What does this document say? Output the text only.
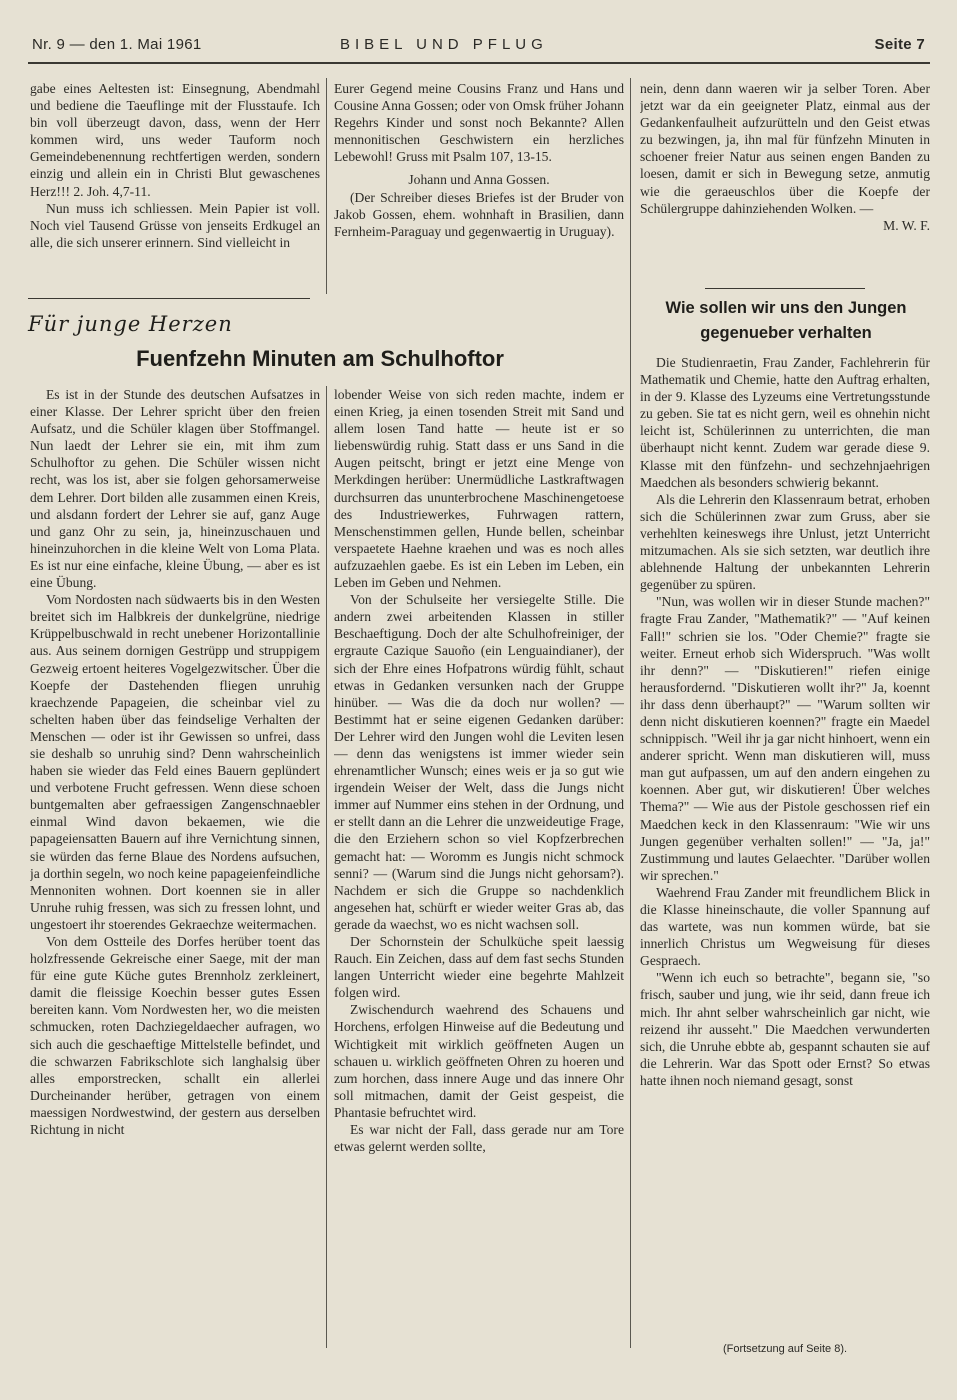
Nr. 9 — den 1. Mai 1961	BIBEL UND PFLUG	Seite 7

gabe eines Aeltesten ist: Einsegnung, Abendmahl und bediene die Taeuflinge mit der Flusstaufe. Ich bin voll überzeugt davon, dass, wenn der Herr kommen wird, uns weder Tauform noch Gemeindebenennung rechtfertigen werden, sondern einzig und allein ein in Christi Blut gewaschenes Herz!!! 2. Joh. 4,7-11.

Nun muss ich schliessen. Mein Papier ist voll. Noch viel Tausend Grüsse von jenseits Erdkugel an alle, die sich unserer erinnern. Sind vielleicht in

Eurer Gegend meine Cousins Franz und Hans und Cousine Anna Gossen; oder von Omsk früher Johann Regehrs Kinder und sonst noch Bekannte? Allen mennonitischen Geschwistern ein herzliches Lebewohl! Gruss mit Psalm 107, 13-15.

Johann und Anna Gossen.

(Der Schreiber dieses Briefes ist der Bruder von Jakob Gossen, ehem. wohnhaft in Brasilien, dann Fernheim-Paraguay und gegenwaertig in Uruguay).

nein, denn dann waeren wir ja selber Toren. Aber jetzt war da ein geeigneter Platz, einmal aus der Gedankenfaulheit aufzurütteln und den Geist etwas zu bezwingen, ja, ihn mal für fünfzehn Minuten in schoener freier Natur aus seinen engen Banden zu loesen, damit er sich in Bewegung setze, anmutig wie die geraeuschlos über die Koepfe der Schülergruppe dahinziehenden Wolken. —

M. W. F.

Für junge Herzen
Fuenfzehn Minuten am Schulhoftor

Es ist in der Stunde des deutschen Aufsatzes in einer Klasse. Der Lehrer spricht über den freien Aufsatz, und die Schüler klagen über Stoffmangel. Nun laedt der Lehrer sie ein, mit ihm zum Schulhoftor zu gehen. Die Schüler wissen nicht recht, was los ist, aber sie folgen gehorsamerweise dem Lehrer. Dort bilden alle zusammen einen Kreis, und alsdann fordert der Lehrer sie auf, ganz Auge und ganz Ohr zu sein, ja, hineinzuschauen und hineinzuhorchen in die kleine Welt von Loma Plata. Es ist nur eine einfache, kleine Übung, — aber es ist eine Übung.

Vom Nordosten nach südwaerts bis in den Westen breitet sich im Halbkreis der dunkelgrüne, niedrige Krüppelbuschwald in recht unebener Horizontallinie aus. Aus seinem dornigen Gestrüpp und struppigem Gezweig ertoent heiteres Vogelgezwitscher. Über die Koepfe der Dastehenden fliegen unruhig kraechzende Papageien, die scheinbar viel zu schelten haben über das feindselige Verhalten der Menschen — oder ist ihr Gewissen so unfrei, dass sie deshalb so unruhig sind? Denn wahrscheinlich haben sie wieder das Feld eines Bauern geplündert und verbotene Frucht gefressen. Wenn diese schoen buntgemalten aber gefraessigen Zangenschnaebler einmal Wind davon bekaemen, wie die papageiensatten Bauern auf ihre Vernichtung sinnen, sie würden das ferne Blaue des Nordens aufsuchen, ja dorthin segeln, wo noch keine papageienfeindliche Mennoniten wohnen. Dort koennen sie in aller Unruhe ruhig fressen, was sich zu fressen lohnt, und ungestoert ihr stoerendes Gekraechze weitermachen.

Von dem Ostteile des Dorfes herüber toent das holzfressende Gekreische einer Saege, mit der man für eine gute Küche gutes Brennholz zerkleinert, damit die fleissige Koechin besser gutes Essen bereiten kann. Vom Nordwesten her, wo die meisten schmucken, roten Dachziegeldaecher aufragen, wo sich auch die geschaeftige Mittelstelle befindet, und die schwarzen Fabrikschlote sich langhalsig über alles emporstrecken, schallt ein allerlei Durcheinander herüber, getragen von einem maessigen Nordwestwind, der gestern aus derselben Richtung in nicht

lobender Weise von sich reden machte, indem er einen Krieg, ja einen tosenden Streit mit Sand und allem losen Tand hatte — heute ist er so liebenswürdig ruhig. Statt dass er uns Sand in die Augen peitscht, bringt er jetzt eine Menge von Merkdingen herüber: Unermüdliche Lastkraftwagen durchsurren das ununterbrochene Maschinengetoese des Industriewerkes, Fuhrwagen rattern, Menschenstimmen gellen, Hunde bellen, scheinbar verspaetete Haehne kraehen und was es noch alles aufzuzaehlen gaebe. Es ist ein Leben im Leben, ein Leben im Geben und Nehmen.

Von der Schulseite her versiegelte Stille. Die andern zwei arbeitenden Klassen in stiller Beschaeftigung. Doch der alte Schulhofreiniger, der ergraute Cazique Sauoño (ein Lenguaindianer), der sich der Ehre eines Hofpatrons würdig fühlt, schaut etwas in Gedanken versunken nach der Gruppe hinüber. — Was die da doch nur wollen? — Bestimmt hat er seine eigenen Gedanken darüber: Der Lehrer wird den Jungen wohl die Leviten lesen — denn das wenigstens ist immer wieder sein ehrenamtlicher Wunsch; eines weis er ja so gut wie irgendein Weiser der Welt, dass die Jungs nicht immer auf Nummer eins stehen in der Ordnung, und er stellt dann an die Lehrer die unzweideutige Frage, die den Erziehern schon so viel Kopfzerbrechen gemacht hat: — Woromm es Jungis nicht schmock senni? — (Warum sind die Jungs nicht gehorsam?). Nachdem er sich die Gruppe so nachdenklich angesehen hat, schürft er wieder weiter Gras ab, das gerade da waechst, wo es nicht wachsen soll.

Der Schornstein der Schulküche speit laessig Rauch. Ein Zeichen, dass auf dem fast sechs Stunden langen Unterricht wieder eine begehrte Mahlzeit folgen wird.

Zwischendurch waehrend des Schauens und Horchens, erfolgen Hinweise auf die Bedeutung und Wichtigkeit mit wirklich geöffneten Augen un schauen u. wirklich geöffneten Ohren zu hoeren und zum horchen, dass innere Auge und das innere Ohr soll mitmachen, damit der Geist gespeist, die Phantasie befruchtet wird.

Es war nicht der Fall, dass gerade nur am Tore etwas gelernt werden sollte,

Wie sollen wir uns den Jungen gegenueber verhalten

Die Studienraetin, Frau Zander, Fachlehrerin für Mathematik und Chemie, hatte den Auftrag erhalten, in der 9. Klasse des Lyzeums eine Vertretungsstunde zu geben. Sie tat es nicht gern, weil es ohnehin nicht leicht ist, Schülerinnen zu unterrichten, die man überhaupt nicht kennt. Zudem war gerade diese 9. Klasse mit den fünfzehn- und sechzehnjaehrigen Maedchen als besonders schwierig bekannt.

Als die Lehrerin den Klassenraum betrat, erhoben sich die Schülerinnen zwar zum Gruss, aber sie verhehlten keineswegs ihre Unlust, jetzt Unterricht mitzumachen. Als sie sich setzten, war deutlich ihre ablehnende Haltung der unbekannten Lehrerin gegenüber zu spüren.

"Nun, was wollen wir in dieser Stunde machen?" fragte Frau Zander, "Mathematik?" — "Auf keinen Fall!" schrien sie los. "Oder Chemie?" fragte sie weiter. Erneut erhob sich Widerspruch. "Was wollt ihr denn?" — "Diskutieren!" riefen einige herausfordernd. "Diskutieren wollt ihr?" Ja, koennt ihr dass denn überhaupt?" — "Warum sollten wir denn nicht diskutieren koennen?" fragte ein Maedel schnippisch. "Weil ihr ja gar nicht hinhoert, wenn ein anderer spricht. Wenn man diskutieren will, muss man gut aufpassen, um auf den andern eingehen zu koennen. Aber gut, wir diskutieren! Über welches Thema?" — Wie aus der Pistole geschossen rief ein Maedchen keck in den Klassenraum: "Wie wir uns Jungen gegenüber verhalten sollen!" — "Ja, ja!" Zustimmung und lautes Gelaechter. "Darüber wollen wir sprechen."

Waehrend Frau Zander mit freundlichem Blick in die Klasse hineinschaute, die voller Spannung auf das wartete, was nun kommen würde, bat sie innerlich Christus um Wegweisung für dieses Gespraech.

"Wenn ich euch so betrachte", begann sie, "so frisch, sauber und jung, wie ihr seid, dann freue ich mich. Ihr ahnt selber wahrscheinlich gar nicht, wie reizend ihr ausseht." Die Maedchen verwunderten sich, die Unruhe ebbte ab, gespannt schauten sie auf die Lehrerin. War das Spott oder Ernst? So etwas hatte ihnen noch niemand gesagt, sonst

(Fortsetzung auf Seite 8).
